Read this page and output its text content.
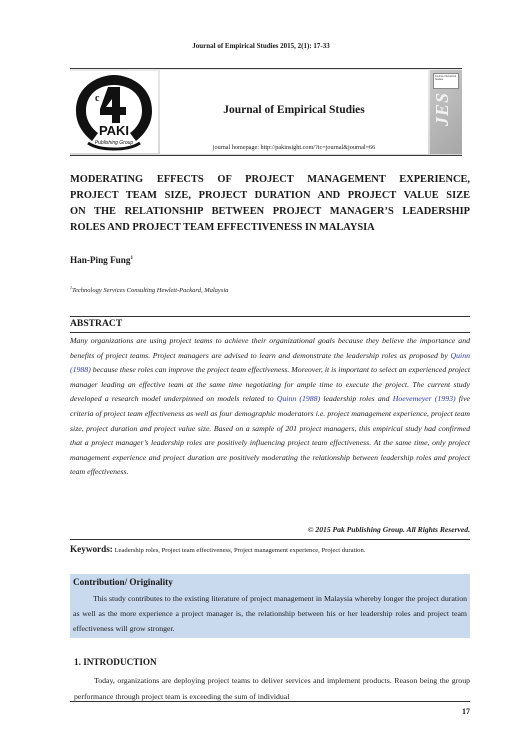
Journal of Empirical Studies 2015, 2(1): 17-33
c
PAKI
Publishing Group
Journal of Empirical Studies
journal homepage: http://pakinsight.com/?ic=journal&journal=66
Journal of Empirical Studies
JES
MODERATING EFFECTS OF PROJECT MANAGEMENT EXPERIENCE,
PROJECT TEAM SIZE, PROJECT DURATION AND PROJECT VALUE SIZE
ON THE RELATIONSHIP BETWEEN PROJECT MANAGER’S LEADERSHIP
ROLES AND PROJECT TEAM EFFECTIVENESS IN MALAYSIA
Han-Ping Fung$^1$
$^1$Technology Services Consulting Hewlett-Packard, Malaysia
ABSTRACT
Many organizations are using project teams to achieve their organizational goals because they believe the importance and benefits of project teams. Project managers are advised to learn and demonstrate the leadership roles as proposed by Quinn (1988) because these roles can improve the project team effectiveness. Moreover, it is important to select an experienced project manager leading an effective team at the same time negotiating for ample time to execute the project. The current study developed a research model underpinned on models related to Quinn (1988) leadership roles and Hoevemeyer (1993) five criteria of project team effectiveness as well as four demographic moderators i.e. project management experience, project team size, project duration and project value size. Based on a sample of 201 project managers, this empirical study had confirmed that a project manager’s leadership roles are positively influencing project team effectiveness. At the same time, only project management experience and project duration are positively moderating the relationship between leadership roles and project team effectiveness.
© 2015 Pak Publishing Group. All Rights Reserved.
Keywords: Leadership roles, Project team effectiveness, Project management experience, Project duration.
Contribution/ Originality
This study contributes to the existing literature of project management in Malaysia whereby longer the project duration as well as the more experience a project manager is, the relationship between his or her leadership roles and project team effectiveness will grow stronger.
1. INTRODUCTION
Today, organizations are deploying project teams to deliver services and implement products. Reason being the group performance through project team is exceeding the sum of individual
17
